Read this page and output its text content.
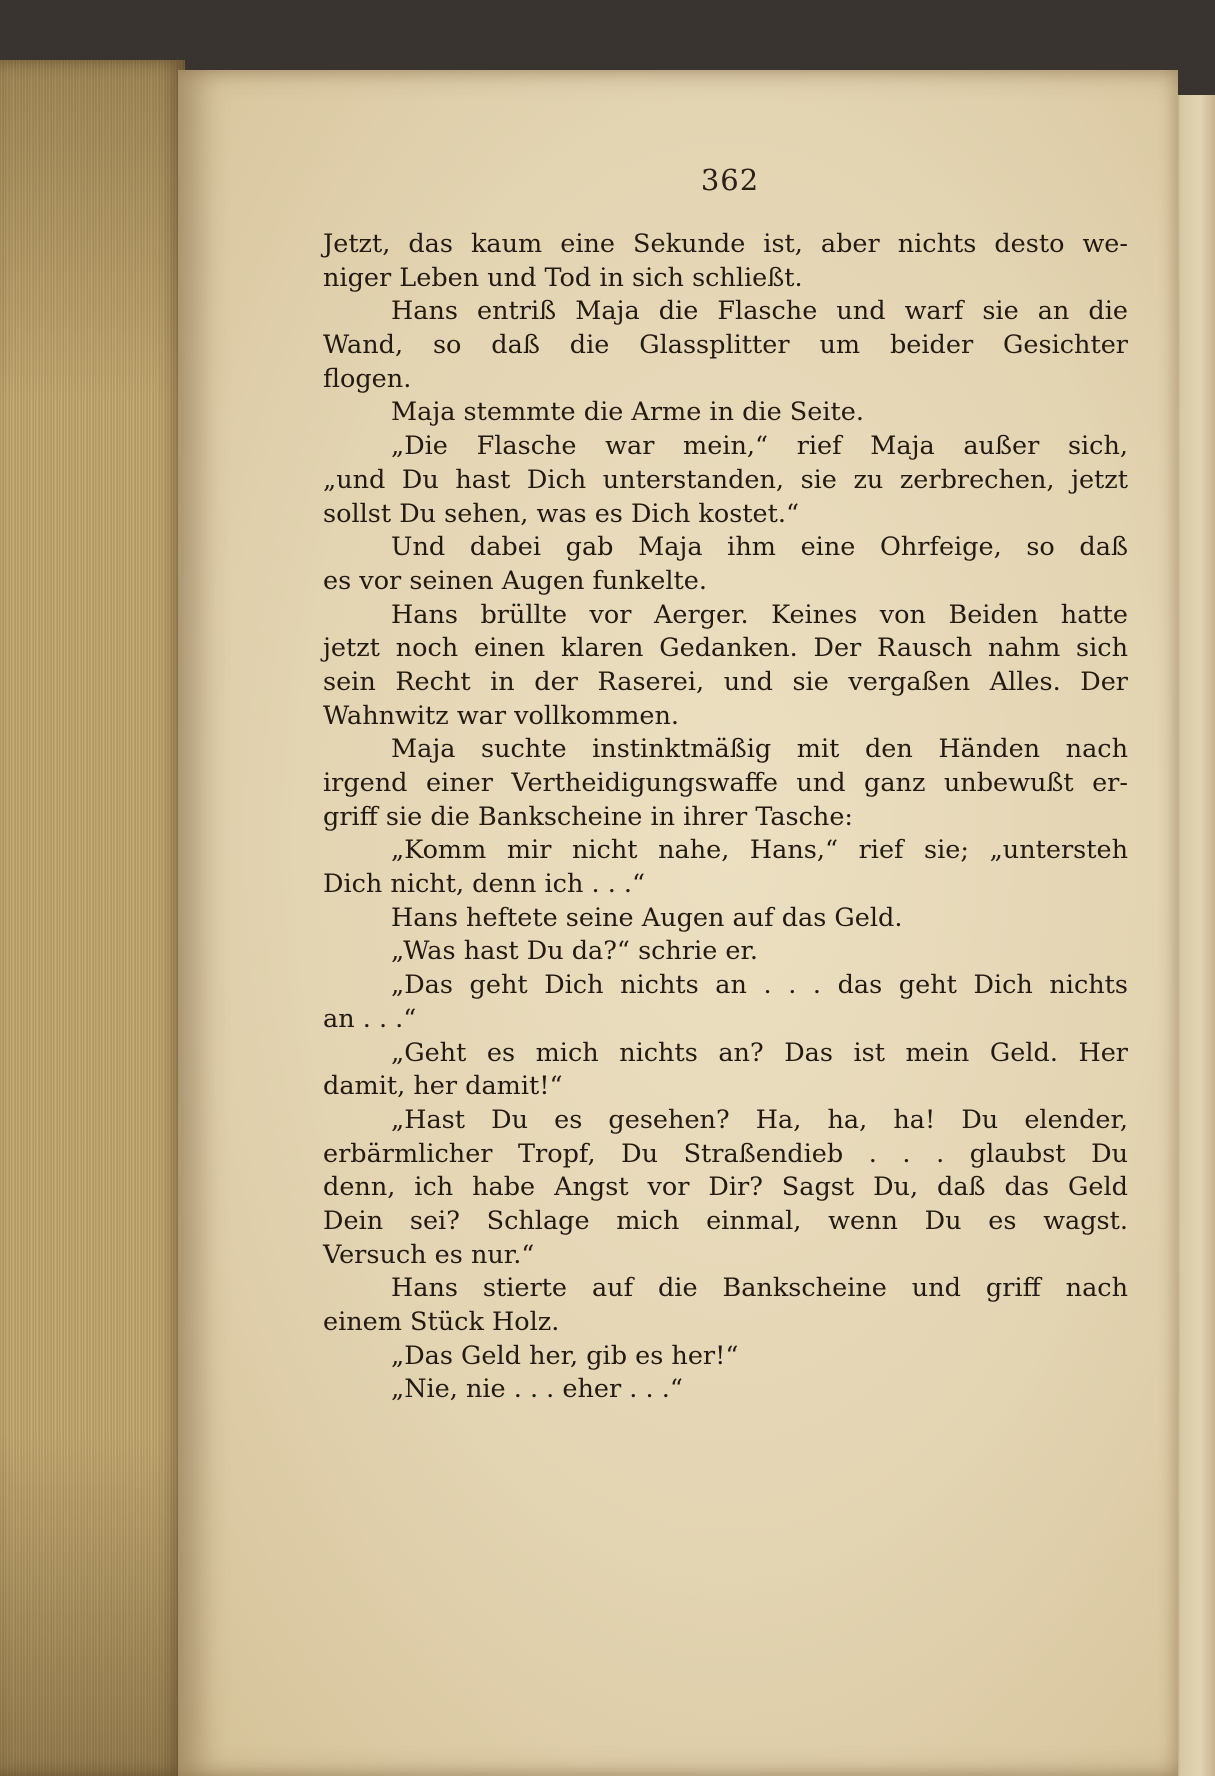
362
Jetzt, das kaum eine Sekunde ist, aber nichts desto we-
niger Leben und Tod in sich schließt.
Hans entriß Maja die Flasche und warf sie an die
Wand, so daß die Glassplitter um beider Gesichter
flogen.
Maja stemmte die Arme in die Seite.
„Die Flasche war mein,“ rief Maja außer sich,
„und Du hast Dich unterstanden, sie zu zerbrechen, jetzt
sollst Du sehen, was es Dich kostet.“
Und dabei gab Maja ihm eine Ohrfeige, so daß
es vor seinen Augen funkelte.
Hans brüllte vor Aerger. Keines von Beiden hatte
jetzt noch einen klaren Gedanken. Der Rausch nahm sich
sein Recht in der Raserei, und sie vergaßen Alles. Der
Wahnwitz war vollkommen.
Maja suchte instinktmäßig mit den Händen nach
irgend einer Vertheidigungswaffe und ganz unbewußt er-
griff sie die Bankscheine in ihrer Tasche:
„Komm mir nicht nahe, Hans,“ rief sie; „untersteh
Dich nicht, denn ich . . .“
Hans heftete seine Augen auf das Geld.
„Was hast Du da?“ schrie er.
„Das geht Dich nichts an . . . das geht Dich nichts
an . . .“
„Geht es mich nichts an? Das ist mein Geld. Her
damit, her damit!“
„Hast Du es gesehen? Ha, ha, ha! Du elender,
erbärmlicher Tropf, Du Straßendieb . . . glaubst Du
denn, ich habe Angst vor Dir? Sagst Du, daß das Geld
Dein sei? Schlage mich einmal, wenn Du es wagst.
Versuch es nur.“
Hans stierte auf die Bankscheine und griff nach
einem Stück Holz.
„Das Geld her, gib es her!“
„Nie, nie . . . eher . . .“
